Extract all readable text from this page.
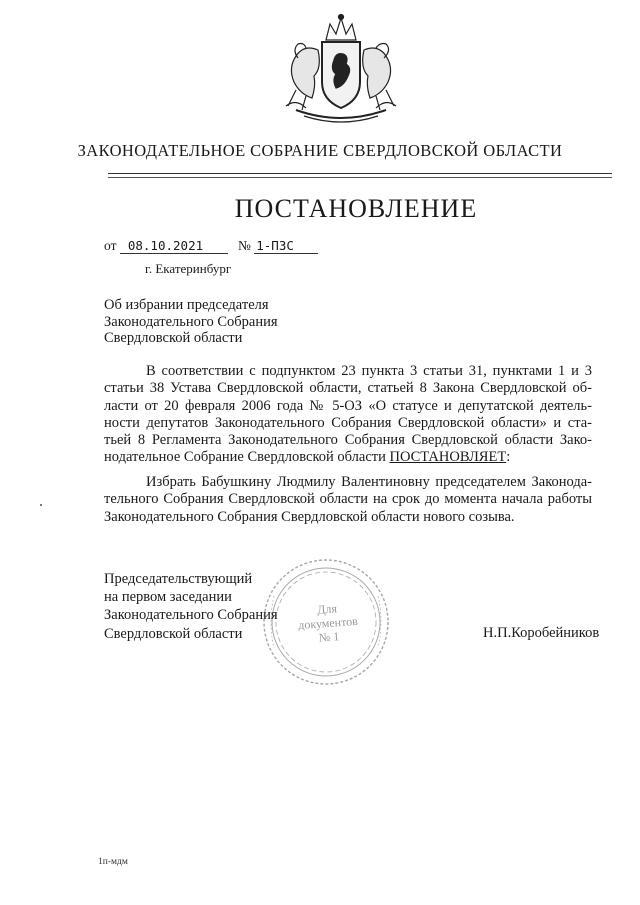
ЗАКОНОДАТЕЛЬНОЕ СОБРАНИЕ СВЕРДЛОВСКОЙ ОБЛАСТИ
ПОСТАНОВЛЕНИЕ
от 08.10.2021	№ 1-ПЗС
г. Екатеринбург
Об избрании председателя
Законодательного Собрания
Свердловской области
В соответствии с подпунктом 23 пункта 3 статьи 31, пунктами 1 и 3
статьи 38 Устава Свердловской области, статьей 8 Закона Свердловской об-
ласти от 20 февраля 2006 года № 5-ОЗ «О статусе и депутатской деятель-
ности депутатов Законодательного Собрания Свердловской области» и ста-
тьей 8 Регламента Законодательного Собрания Свердловской области Зако-
нодательное Собрание Свердловской области ПОСТАНОВЛЯЕТ:
Избрать Бабушкину Людмилу Валентиновну председателем Законода-
тельного Собрания Свердловской области на срок до момента начала работы
Законодательного Собрания Свердловской области нового созыва.
Для
документов
№ 1
Председательствующий
на первом заседании
Законодательного Собрания
Свердловской области	Н.П.Коробейников
1п-мдм
